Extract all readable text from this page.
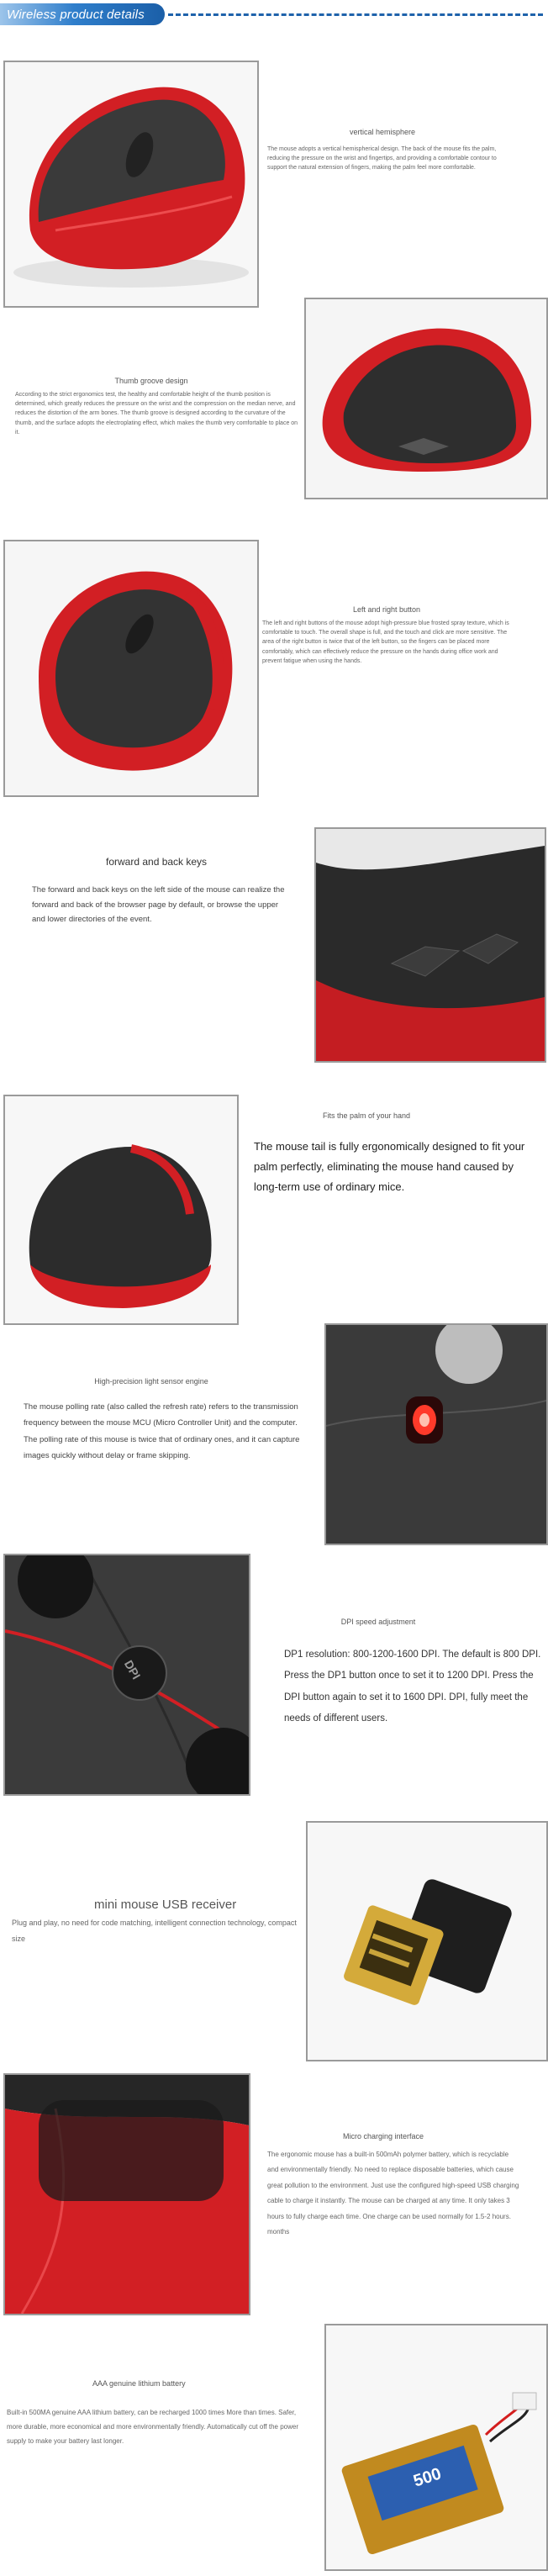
Wireless product details
vertical hemisphere
The mouse adopts a vertical hemispherical design. The back of the mouse fits the palm, reducing the pressure on the wrist and fingertips, and providing a comfortable contour to support the natural extension of fingers, making the palm feel more comfortable.
Thumb groove design
According to the strict ergonomics test, the healthy and comfortable height of the thumb position is determined, which greatly reduces the pressure on the wrist and the compression on the median nerve, and reduces the distortion of the arm bones. The thumb groove is designed according to the curvature of the thumb, and the surface adopts the electroplating effect, which makes the thumb very comfortable to place on it.
Left and right button
The left and right buttons of the mouse adopt high-pressure blue frosted spray texture, which is comfortable to touch. The overall shape is full, and the touch and click are more sensitive. The area of the right button is twice that of the left button, so the fingers can be placed more comfortably, which can effectively reduce the pressure on the hands during office work and prevent fatigue when using the hands.
forward and back keys
The forward and back keys on the left side of the mouse can realize the forward and back of the browser page by default, or browse the upper and lower directories of the event.
Fits the palm of your hand
The mouse tail is fully ergonomically designed to fit your palm perfectly, eliminating the mouse hand caused by long-term use of ordinary mice.
High-precision light sensor engine
The mouse polling rate (also called the refresh rate) refers to the transmission frequency between the mouse MCU (Micro Controller Unit) and the computer. The polling rate of this mouse is twice that of ordinary ones, and it can capture images quickly without delay or frame skipping.
DPI
DPI speed adjustment
DP1 resolution: 800-1200-1600 DPI. The default is 800 DPI. Press the DP1 button once to set it to 1200 DPI. Press the DPI button again to set it to 1600 DPI. DPI, fully meet the needs of different users.
mini mouse USB receiver
Plug and play, no need for code matching, intelligent connection technology, compact size
Micro charging interface
The ergonomic mouse has a built-in 500mAh polymer battery, which is recyclable and environmentally friendly. No need to replace disposable batteries, which cause great pollution to the environment. Just use the configured high-speed USB charging cable to charge it instantly. The mouse can be charged at any time. It only takes 3 hours to fully charge each time. One charge can be used normally for 1.5-2 hours. months
500
AAA genuine lithium battery
Built-in 500MA genuine AAA lithium battery, can be recharged 1000 times More than times. Safer, more durable, more economical and more environmentally friendly. Automatically cut off the power supply to make your battery last longer.
